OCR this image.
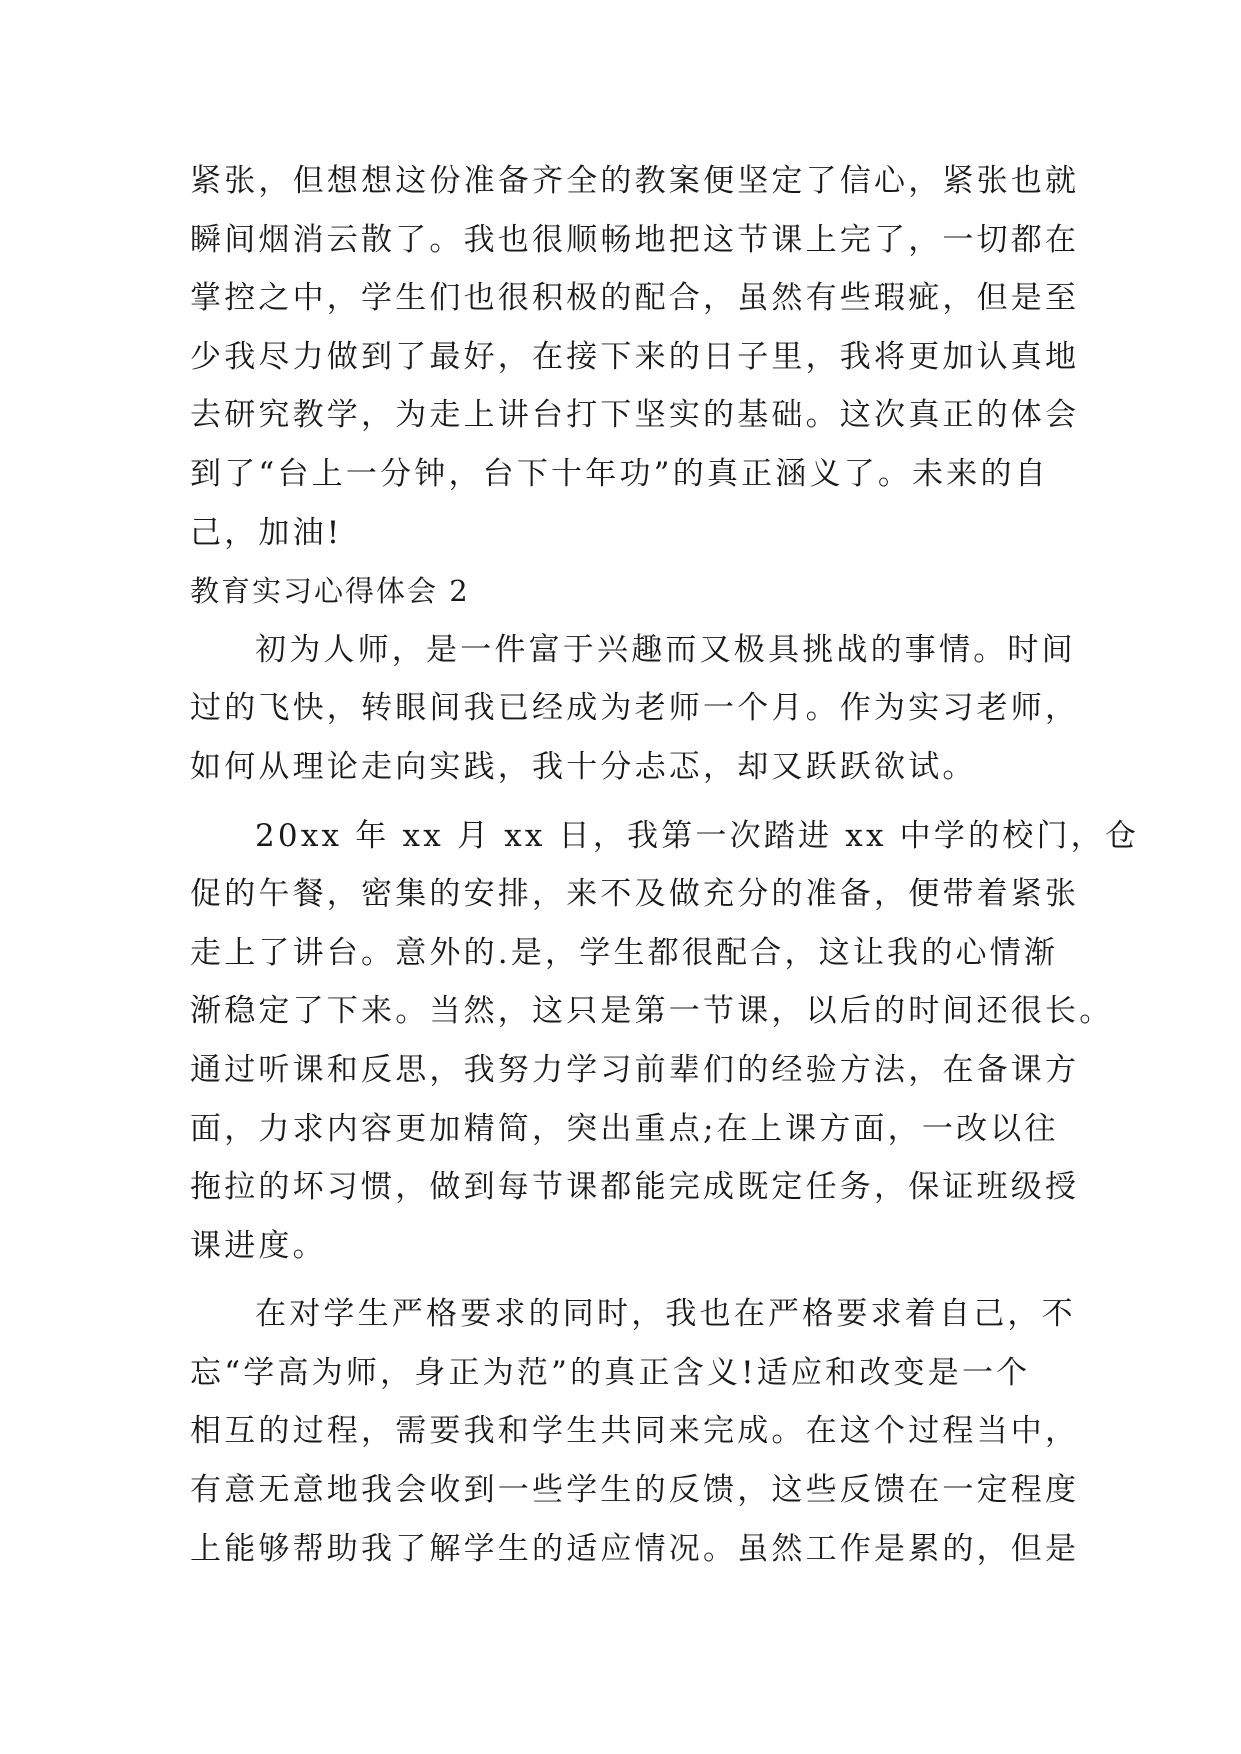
紧张，但想想这份准备齐全的教案便坚定了信心，紧张也就
瞬间烟消云散了。我也很顺畅地把这节课上完了，一切都在
掌控之中，学生们也很积极的配合，虽然有些瑕疵，但是至
少我尽力做到了最好，在接下来的日子里，我将更加认真地
去研究教学，为走上讲台打下坚实的基础。这次真正的体会
到了“台上一分钟，台下十年功”的真正涵义了。未来的自
己，加油!
教育实习心得体会 2
初为人师，是一件富于兴趣而又极具挑战的事情。时间
过的飞快，转眼间我已经成为老师一个月。作为实习老师，
如何从理论走向实践，我十分忐忑，却又跃跃欲试。
20xx 年 xx 月 xx 日，我第一次踏进 xx 中学的校门，仓
促的午餐，密集的安排，来不及做充分的准备，便带着紧张
走上了讲台。意外的.是，学生都很配合，这让我的心情渐
渐稳定了下来。当然，这只是第一节课，以后的时间还很长。
通过听课和反思，我努力学习前辈们的经验方法，在备课方
面，力求内容更加精简，突出重点;在上课方面，一改以往
拖拉的坏习惯，做到每节课都能完成既定任务，保证班级授
课进度。
在对学生严格要求的同时，我也在严格要求着自己，不
忘“学高为师，身正为范”的真正含义!适应和改变是一个
相互的过程，需要我和学生共同来完成。在这个过程当中，
有意无意地我会收到一些学生的反馈，这些反馈在一定程度
上能够帮助我了解学生的适应情况。虽然工作是累的，但是
